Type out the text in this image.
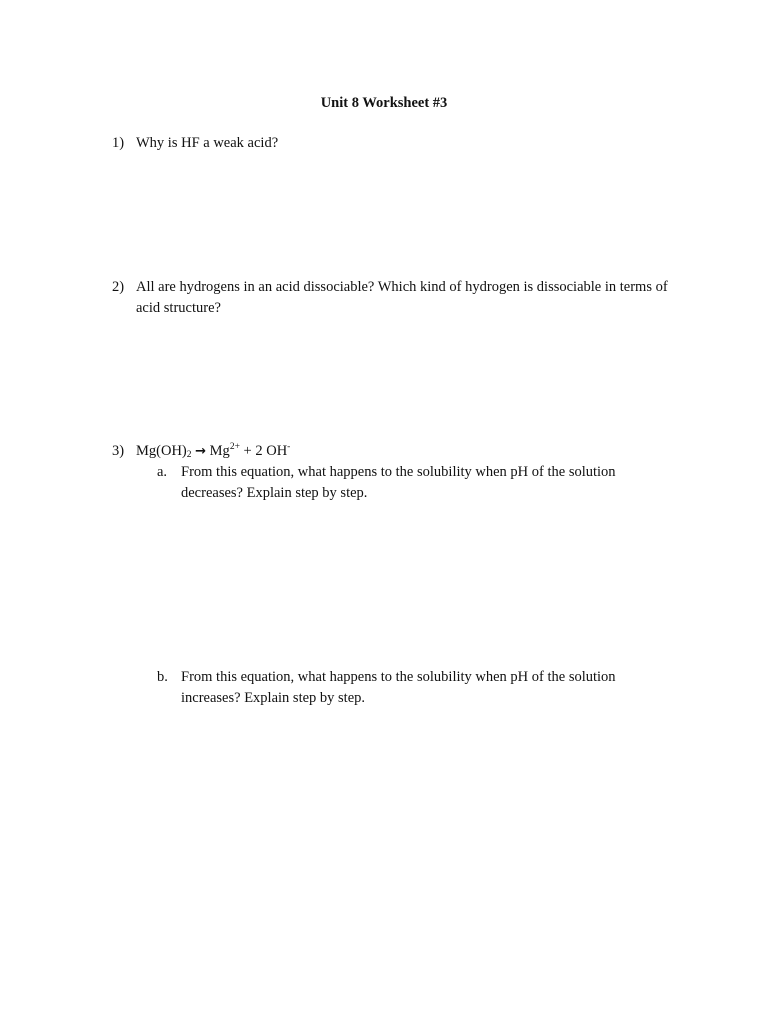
Unit 8 Worksheet #3
1) Why is HF a weak acid?
2) All are hydrogens in an acid dissociable? Which kind of hydrogen is dissociable in terms of acid structure?
3) $Mg(OH)_2 \to Mg^{2+} + 2$ OH-
a. From this equation, what happens to the solubility when pH of the solution decreases? Explain step by step.
b. From this equation, what happens to the solubility when pH of the solution increases? Explain step by step.
